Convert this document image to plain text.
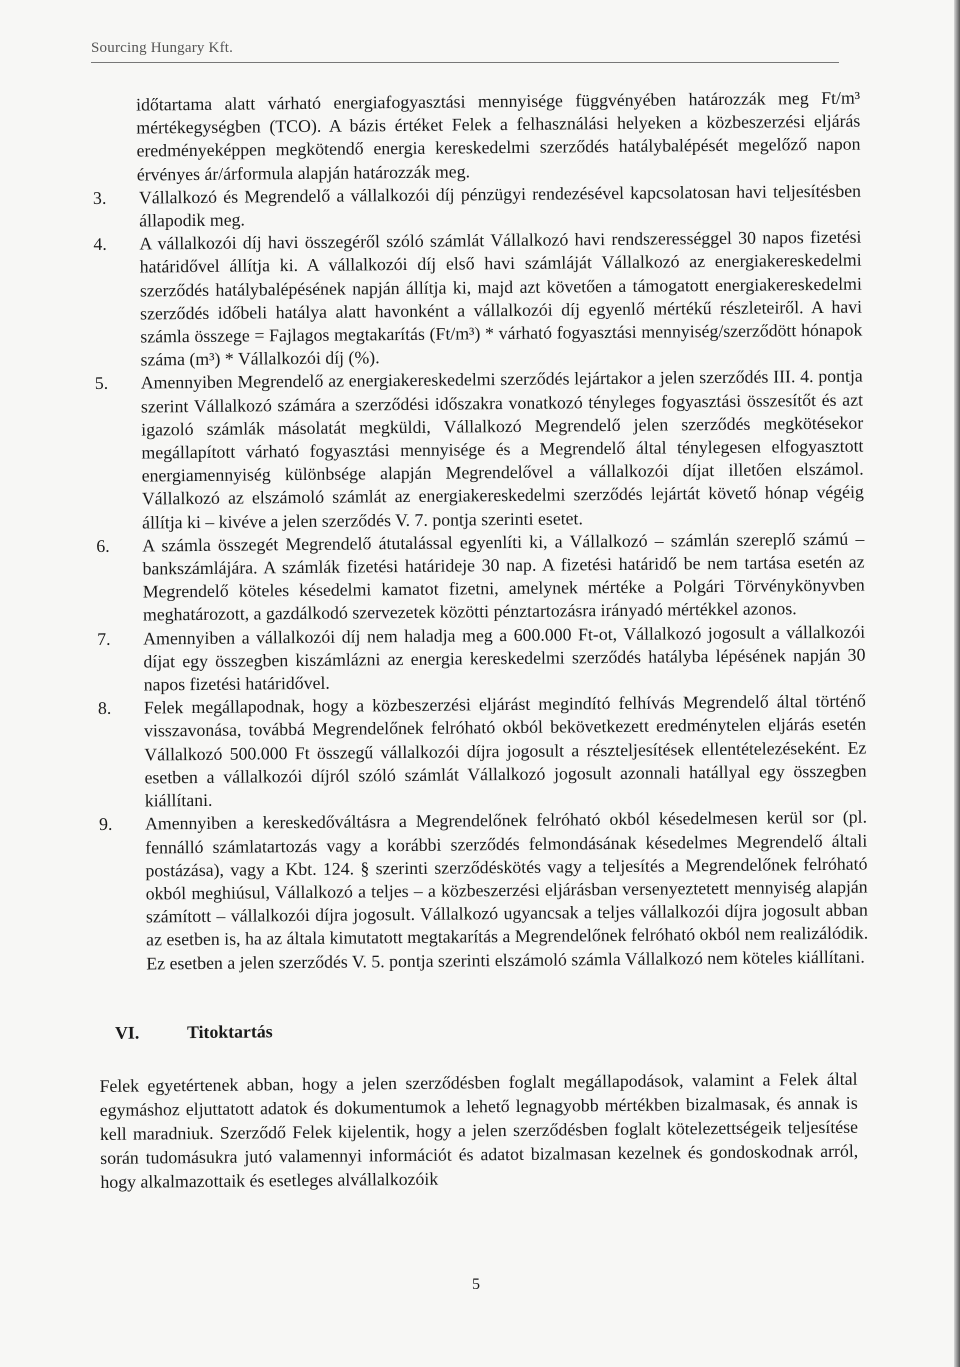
Sourcing Hungary Kft.

időtartama alatt várható energiafogyasztási mennyisége függvényében határozzák meg Ft/m³ mértékegységben (TCO). A bázis értéket Felek a felhasználási helyeken a közbeszerzési eljárás eredményeképpen megkötendő energia kereskedelmi szerződés hatálybalépését megelőző napon érvényes ár/árformula alapján határozzák meg.

3.	Vállalkozó és Megrendelő a vállalkozói díj pénzügyi rendezésével kapcsolatosan havi teljesítésben állapodik meg.

4.	A vállalkozói díj havi összegéről szóló számlát Vállalkozó havi rendszerességgel 30 napos fizetési határidővel állítja ki. A vállalkozói díj első havi számláját Vállalkozó az energiakereskedelmi szerződés hatálybalépésének napján állítja ki, majd azt követően a támogatott energiakereskedelmi szerződés időbeli hatálya alatt havonként a vállalkozói díj egyenlő mértékű részleteiről. A havi számla összege = Fajlagos megtakarítás (Ft/m³) * várható fogyasztási mennyiség/szerződött hónapok száma (m³) * Vállalkozói díj (%).

5.	Amennyiben Megrendelő az energiakereskedelmi szerződés lejártakor a jelen szerződés III. 4. pontja szerint Vállalkozó számára a szerződési időszakra vonatkozó tényleges fogyasztási összesítőt és azt igazoló számlák másolatát megküldi, Vállalkozó Megrendelő jelen szerződés megkötésekor megállapított várható fogyasztási mennyisége és a Megrendelő által ténylegesen elfogyasztott energiamennyiség különbsége alapján Megrendelővel a vállalkozói díjat illetően elszámol. Vállalkozó az elszámoló számlát az energiakereskedelmi szerződés lejártát követő hónap végéig állítja ki – kivéve a jelen szerződés V. 7. pontja szerinti esetet.

6.	A számla összegét Megrendelő átutalással egyenlíti ki, a Vállalkozó – számlán szereplő számú – bankszámlájára. A számlák fizetési határideje 30 nap. A fizetési határidő be nem tartása esetén az Megrendelő köteles késedelmi kamatot fizetni, amelynek mértéke a Polgári Törvénykönyvben meghatározott, a gazdálkodó szervezetek közötti pénztartozásra irányadó mértékkel azonos.

7.	Amennyiben a vállalkozói díj nem haladja meg a 600.000 Ft-ot, Vállalkozó jogosult a vállalkozói díjat egy összegben kiszámlázni az energia kereskedelmi szerződés hatályba lépésének napján 30 napos fizetési határidővel.

8.	Felek megállapodnak, hogy a közbeszerzési eljárást megindító felhívás Megrendelő által történő visszavonása, továbbá Megrendelőnek felróható okból bekövetkezett eredménytelen eljárás esetén Vállalkozó 500.000 Ft összegű vállalkozói díjra jogosult a részteljesítések ellentételezéseként. Ez esetben a vállalkozói díjról szóló számlát Vállalkozó jogosult azonnali hatállyal egy összegben kiállítani.

9.	Amennyiben a kereskedőváltásra a Megrendelőnek felróható okból késedelmesen kerül sor (pl. fennálló számlatartozás vagy a korábbi szerződés felmondásának késedelmes Megrendelő általi postázása), vagy a Kbt. 124. § szerinti szerződéskötés vagy a teljesítés a Megrendelőnek felróható okból meghiúsul, Vállalkozó a teljes – a közbeszerzési eljárásban versenyeztetett mennyiség alapján számított – vállalkozói díjra jogosult. Vállalkozó ugyancsak a teljes vállalkozói díjra jogosult abban az esetben is, ha az általa kimutatott megtakarítás a Megrendelőnek felróható okból nem realizálódik. Ez esetben a jelen szerződés V. 5. pontja szerinti elszámoló számla Vállalkozó nem köteles kiállítani.

VI.	Titoktartás

Felek egyetértenek abban, hogy a jelen szerződésben foglalt megállapodások, valamint a Felek által egymáshoz eljuttatott adatok és dokumentumok a lehető legnagyobb mértékben bizalmasak, és annak is kell maradniuk. Szerződő Felek kijelentik, hogy a jelen szerződésben foglalt kötelezettségeik teljesítése során tudomásukra jutó valamennyi információt és adatot bizalmasan kezelnek és gondoskodnak arról, hogy alkalmazottaik és esetleges alvállalkozóik

5
